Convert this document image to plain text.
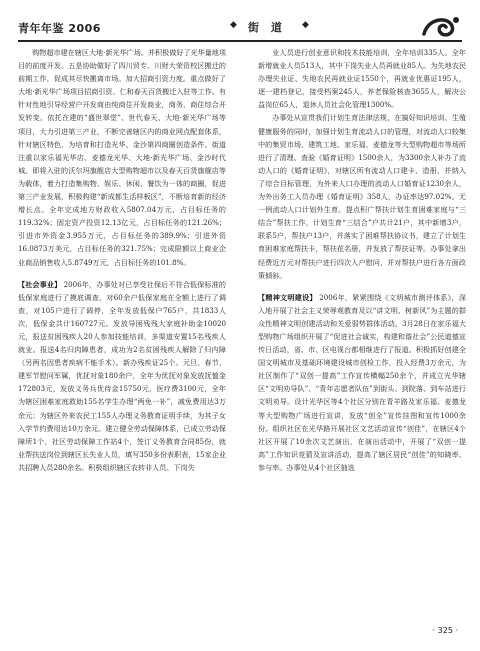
青年年鉴 2006	◆ 街 道 ◆

购物超市建在辖区大地·新光华广场。并积极做好了光华量地项目的前度开发。五是协助做好了四川贸专、川财大荣资校区搬迁的前期工作，促成其尽快搬离市场。加大招商引资力度。重点做好了大地·新光华广场项目招商引资、仁和春天百货搬迁入驻等工作。有针对性地引导经营户开发商由纯商住开发商业，商务，商住综合开发转变。依托在建的“盛世翠堂”、世代春天、大地·新光华广场等项目，大力引进第三产业，不断完善辖区内的商业网点配套体系，针对辖区特色，为培育和打造光华、金沙第四商圈创造条件。街道注重以家乐福光华店、麦德龙光华、大地·新光华广场、金沙时代城、即将入驻的沃尔玛旗舰店大型购物超市以及春天百货旗舰店等为载体，着力打造集购物、娱乐、休闲、餐饮为一体的商圈，促进第三产业发展，积极构建“新成都生活样板区”，不断培育新的经济增长点。全年完成地方财政收入5807.04万元，占目标任务的119.32%；固定资产投资12.13亿元，占目标任务的121.26%；引进市外资金3.955万元，占目标任务的389.9%；引进外资16.0873万美元，占目标任务的321.75%；完成限额以上商业企业商品销售收入5.8749万元，占目标任务的101.8%。

【社会事业】 2006年，办事处对已享受社保后不符合低保标准的低保家庭进行了摸底调查，对60余户低保家庭在全额上进行了调查，对105户进行了调停，全年发放低保户765户，共1833人次，低保金共计160727元。发放导困残残大家庭补助金10020元，报送贫困残疾人20人参加技能培训，多渠道安置15名残疾人就业。报送4名归肉障患者，成功为2名贫困残疾人解除了归内障（另两名因患者疾病不能手术）。新办残疾证25个。元旦、春节、建军节慰问军属，优抚对象180余户，全年为优抚对象发放抚恤金172803元，发放义务兵优待金15750元，医疗费3100元，全年为辖区困难家庭救助155名学生办理“两免一补”，减免费用达3万余元；为辖区外来农民工155人办理义务教育证明手续，为其子女入学节约费用达10万余元。建立健全劳动保障体系，已成立劳动保障所1个，社区劳动保障工作站4个，签订义务教育合同85份，就业帮扶送岗位到辖区长失业人员，填写350多份表职表，15家企业共招聘人员280余名。积极组织辖区农转非人员、下岗失

业人员进行创业意识和技术技能培训，全年培训335人。全年新增就业人员513人，其中下岗失业人员再就业85人。为失地农民办理失业证、失地农民再就业证1550个，再就业优惠证195人，逐一建档登记，接受档案245人，养老保险核查3655人，解决公益岗位65人，退休人员社会化管理1300%。

办事处从宣贯我们计划生育法律法规，在搞好知识培训、生殖健康服务的同时，加强计划生育流动人口的管理，对流动人口较集中的集贸市场、建筑工地、家乐福、麦德龙等大型购物超市等场所进行了清理、查验《婚育证明》1500余人，为3300余人补办了流动人口的《婚育证明》，对辖区所有流动人口建卡、造册，并纳入了综合目标管理，为外来人口办理的流动人口婚育证1230余人，为外出务工人员办理《婚育证明》358人，办证率达97.02%。无一例流动人口计划外生育。提点积广帮扶计划生育困难家庭与“三结合”帮扶工作，计划生育“三结合”户共计21户，其中新增3户，联系5户，帮扶户13户，并落实了困难帮扶协议书，建立了计划生育困难家庭帮扶卡，帮扶花名册，并发放了帮扶证等。办事处拿出经费近万元对帮扶户进行四次入户慰问，并对帮扶户进行各方面政策倾斜。

【精神文明建设】 2006年，紧紧围绕《文明城市测评体系》，深入地开展了社会主义荣辱观教育及以“讲文明、树新风”为主题的群众性精神文明创建活动和关爱弱势群体活动。3月28日在家乐福大型购物广场组织开展了“促进社会诚实，构建和谐社会”公民道德宣传日活动，省、市、区电视台都相继进行了报道。积极抓好创建全国文明城市及基础环境建设城市创检工作，投入经费3万余元，为社区制作了“双创一提高”工作宣传横幅250余个，并成立光华辖区“文明劝导队”、“青年志愿者队伍”到街头、到院落、到车站进行文明劝导。设计光华区等4个社区分别在青羊路及家乐福、麦德龙等大型购物广场进行宣讲，发放“创全”宣传挂图和宣传1000余份。组织社区在光华路开展社区文艺活动宣传“创佳”，在辖区4个社区开展了10余次文艺演出，在演出活动中，开展了“双创一提高”工作知识竞猜及宣讲活动，提高了辖区居民“创佳”的知晓率、参与率。办事处从4个社区抽选

· 325 ·
